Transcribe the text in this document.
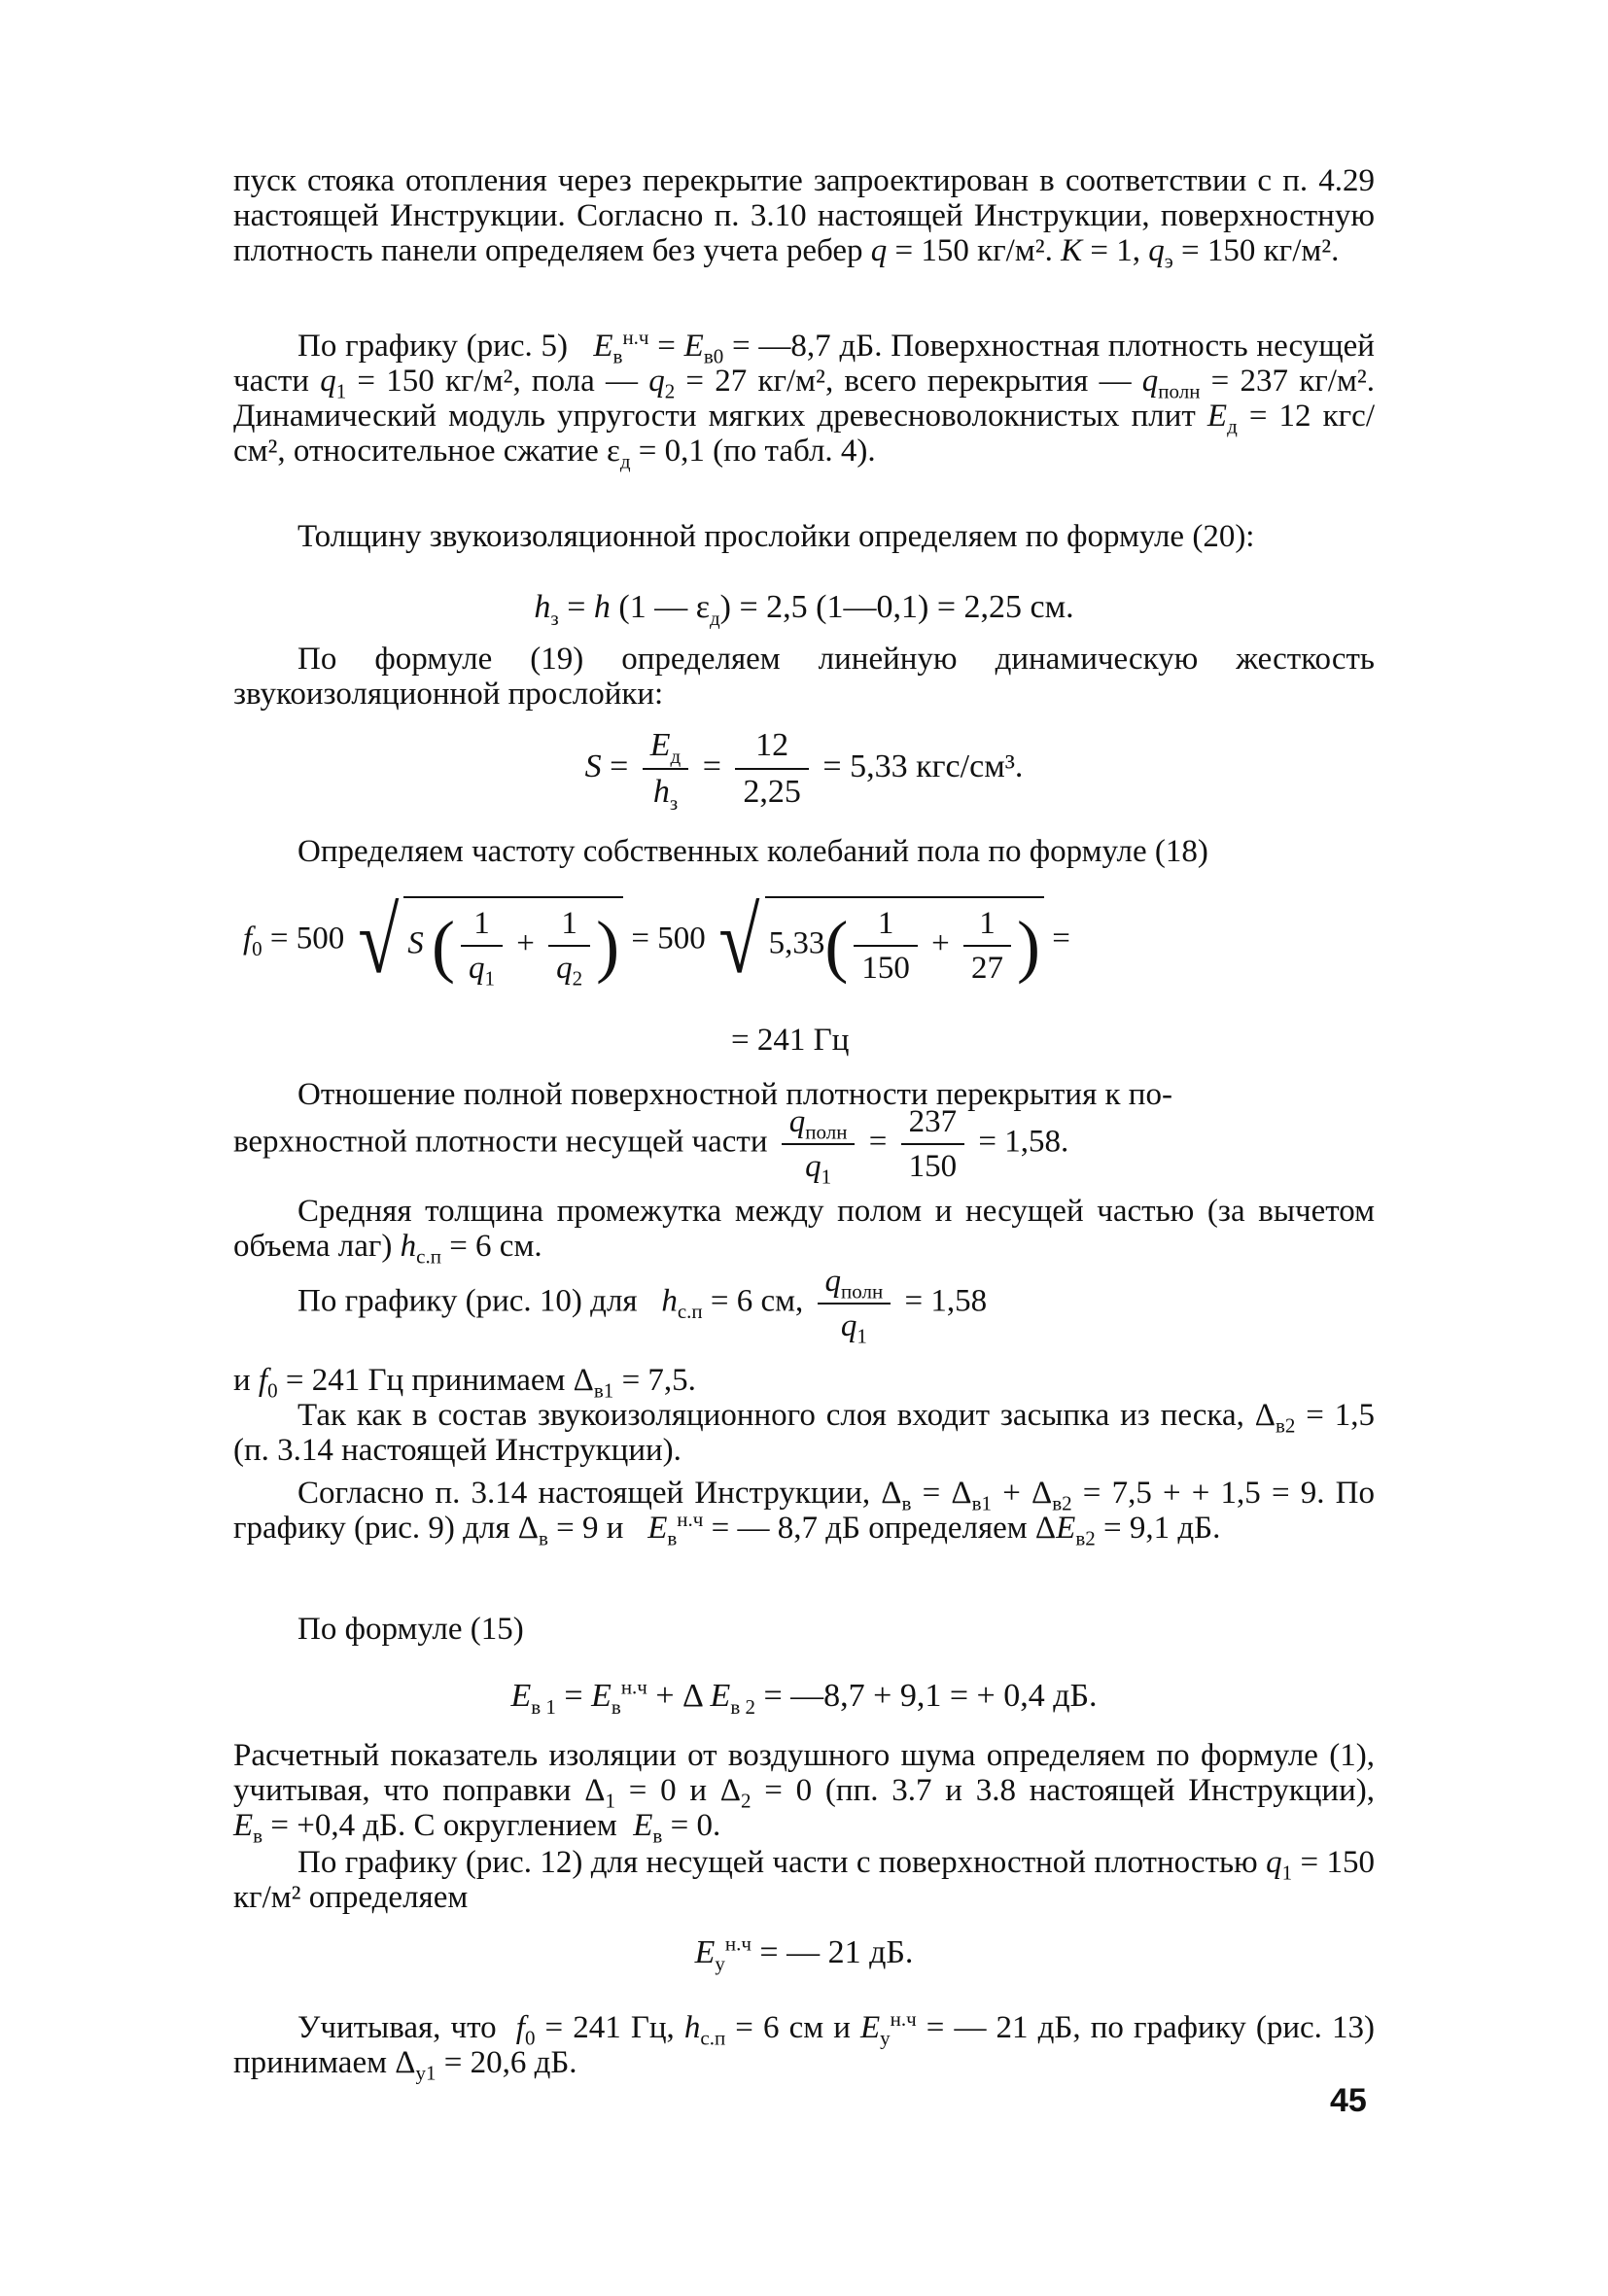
пуск стояка отопления через перекрытие запроектирован в соответствии с п. 4.29 настоящей Инструкции. Согласно п. 3.10 настоящей Инструкции, поверхностную плотность панели определяем без учета ребер q = 150 кг/м². K = 1, $q_э = 150$ кг/м².
По графику (рис. 5)   $E_в^{н.ч} = E_{в0}$ = —8,7 дБ. Поверхностная плотность несущей части $q_1 = 150$ кг/м², пола — $q_2 = 27$ кг/м², всего перекрытия — $q_{полн} = 237$ кг/м². Динамический модуль упругости мягких древесноволокнистых плит $E_д = 12$ кгс/см², относительное сжатие $\varepsilon_д = 0,1$ (по табл. 4).
Толщину звукоизоляционной прослойки определяем по формуле (20):
$h_з = h$ (1 — $\varepsilon_д) = 2,5$ (1—0,1) = 2,25 см.
По формуле (19) определяем линейную динамическую жесткость звукоизоляционной прослойки:
$S = \frac{E_д}{h_з} = \frac{12}{2,25} = 5,33$ кгс/см³.
Определяем частоту собственных колебаний пола по формуле (18)
$f_0 = 500$ √ S ( $\frac{1}{q_1} + \frac{1}{q_2}$ ) = 500 √ $5,33( \frac{1}{150} + \frac{1}{27}$ ) =
= 241 Гц
Отношение полной поверхностной плотности перекрытия к по-
верхностной плотности несущей части $\frac{q_{полн}}{q_1} = \frac{237}{150} = 1,58$.
Средняя толщина промежутка между полом и несущей частью (за вычетом объема лаг) $h_{с.п} = 6$ см.
По графику (рис. 10) для   $h_{с.п} = 6$ см, $\frac{q_{полн}}{q_1} = 1,58$
и $f_0 = 241$ Гц принимаем $\Delta_{в1} = 7,5$.
Так как в состав звукоизоляционного слоя входит засыпка из песка, $\Delta_{в2} = 1,5$ (п. 3.14 настоящей Инструкции).
Согласно п. 3.14 настоящей Инструкции, $\Delta_в = \Delta_{в1} + \Delta_{в2} = 7,5$ + + 1,5 = 9. По графику (рис. 9) для $\Delta_в = 9$ и   $E_в^{н.ч}$ = — 8,7 дБ определяем $\Delta E_{в2} = 9,1$ дБ.
По формуле (15)
$E_{в 1} = E_в^{н.ч} + \Delta$ $E_{в 2}$ = —8,7 + 9,1 = + 0,4 дБ.
Расчетный показатель изоляции от воздушного шума определяем по формуле (1), учитывая, что поправки $\Delta_1 = 0$ и $\Delta_2 = 0$ (пп. 3.7 и 3.8 настоящей Инструкции), $E_в = +0,4$ дБ. С округлением  $E_в = 0$.
По графику (рис. 12) для несущей части с поверхностной плотностью $q_1 = 150$ кг/м² определяем
$E_у^{н.ч}$ = — 21 дБ.
Учитывая, что  $f_0 = 241$ Гц, $h_{с.п} = 6$ см и $E_у^{н.ч}$ = — 21 дБ, по графику (рис. 13) принимаем $\Delta_{у1} = 20,6$ дБ.
45
